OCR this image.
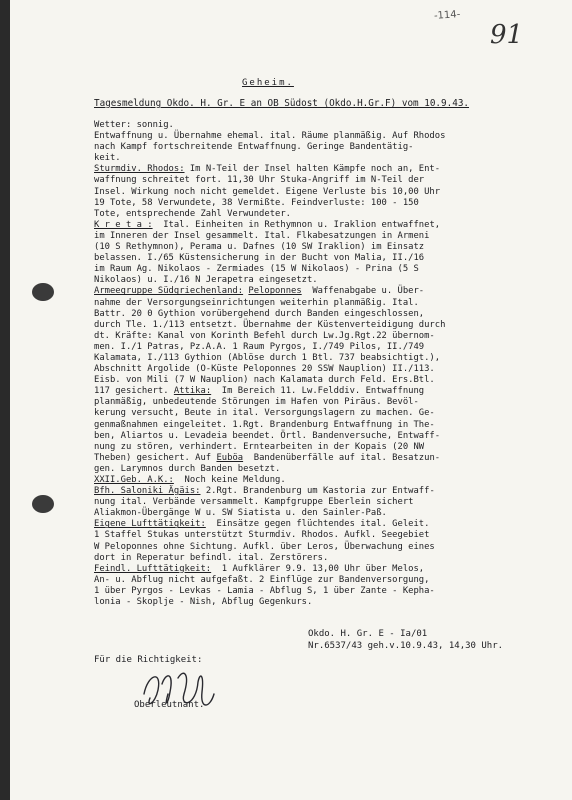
-114-
91
Geheim.
Tagesmeldung Okdo. H. Gr. E an OB Südost (Okdo.H.Gr.F) vom 10.9.43.
Wetter: sonnig.
Entwaffnung u. Übernahme ehemal. ital. Räume planmäßig. Auf Rhodos
nach Kampf fortschreitende Entwaffnung. Geringe Bandentätig-
keit.
Sturmdiv. Rhodos: Im N-Teil der Insel halten Kämpfe noch an, Ent-
waffnung schreitet fort. 11,30 Uhr Stuka-Angriff im N-Teil der
Insel. Wirkung noch nicht gemeldet. Eigene Verluste bis 10,00 Uhr
19 Tote, 58 Verwundete, 38 Vermißte. Feindverluste: 100 - 150
Tote, entsprechende Zahl Verwundeter.
K r e t a :  Ital. Einheiten in Rethymnon u. Iraklion entwaffnet,
im Inneren der Insel gesammelt. Ital. Flkabesatzungen in Armeni
(10 S Rethymnon), Perama u. Dafnes (10 SW Iraklion) im Einsatz
belassen. I./65 Küstensicherung in der Bucht von Malia, II./16
im Raum Ag. Nikolaos - Zermiades (15 W Nikolaos) - Prina (5 S
Nikolaos) u. I./16 N Jerapetra eingesetzt.
Armeegruppe Südgriechenland: Peloponnes  Waffenabgabe u. Über-
nahme der Versorgungseinrichtungen weiterhin planmäßig. Ital.
Battr. 20 0 Gythion vorübergehend durch Banden eingeschlossen,
durch Tle. 1./113 entsetzt. Übernahme der Küstenverteidigung durch
dt. Kräfte: Kanal von Korinth Befehl durch Lw.Jg.Rgt.22 übernom-
men. I./1 Patras, Pz.A.A. 1 Raum Pyrgos, I./749 Pilos, II./749
Kalamata, I./113 Gythion (Ablöse durch 1 Btl. 737 beabsichtigt.),
Abschnitt Argolide (O-Küste Peloponnes 20 SSW Nauplion) II./113.
Eisb. von Mili (7 W Nauplion) nach Kalamata durch Feld. Ers.Btl.
117 gesichert. Attika:  Im Bereich 11. Lw.Felddiv. Entwaffnung
planmäßig, unbedeutende Störungen im Hafen von Piräus. Bevöl-
kerung versucht, Beute in ital. Versorgungslagern zu machen. Ge-
genmaßnahmen eingeleitet. 1.Rgt. Brandenburg Entwaffnung in The-
ben, Aliartos u. Levadeia beendet. Örtl. Bandenversuche, Entwaff-
nung zu stören, verhindert. Erntearbeiten in der Kopais (20 NW
Theben) gesichert. Auf Euböa  Bandenüberfälle auf ital. Besatzun-
gen. Larymnos durch Banden besetzt.
XXII.Geb. A.K.:  Noch keine Meldung.
Bfh. Saloniki Ägäis: 2.Rgt. Brandenburg um Kastoria zur Entwaff-
nung ital. Verbände versammelt. Kampfgruppe Eberlein sichert
Aliakmon-Übergänge W u. SW Siatista u. den Sainler-Paß.
Eigene Lufttätigkeit:  Einsätze gegen flüchtendes ital. Geleit.
1 Staffel Stukas unterstützt Sturmdiv. Rhodos. Aufkl. Seegebiet
W Peloponnes ohne Sichtung. Aufkl. über Leros, Überwachung eines
dort in Reperatur befindl. ital. Zerstörers.
Feindl. Lufttätigkeit:  1 Aufklärer 9.9. 13,00 Uhr über Melos,
An- u. Abflug nicht aufgefaßt. 2 Einflüge zur Bandenversorgung,
1 über Pyrgos - Levkas - Lamia - Abflug S, 1 über Zante - Kepha-
lonia - Skoplje - Nish, Abflug Gegenkurs.
Okdo. H. Gr. E - Ia/01
Nr.6537/43 geh.v.10.9.43, 14,30 Uhr.
Für die Richtigkeit:
Oberleutnant.
